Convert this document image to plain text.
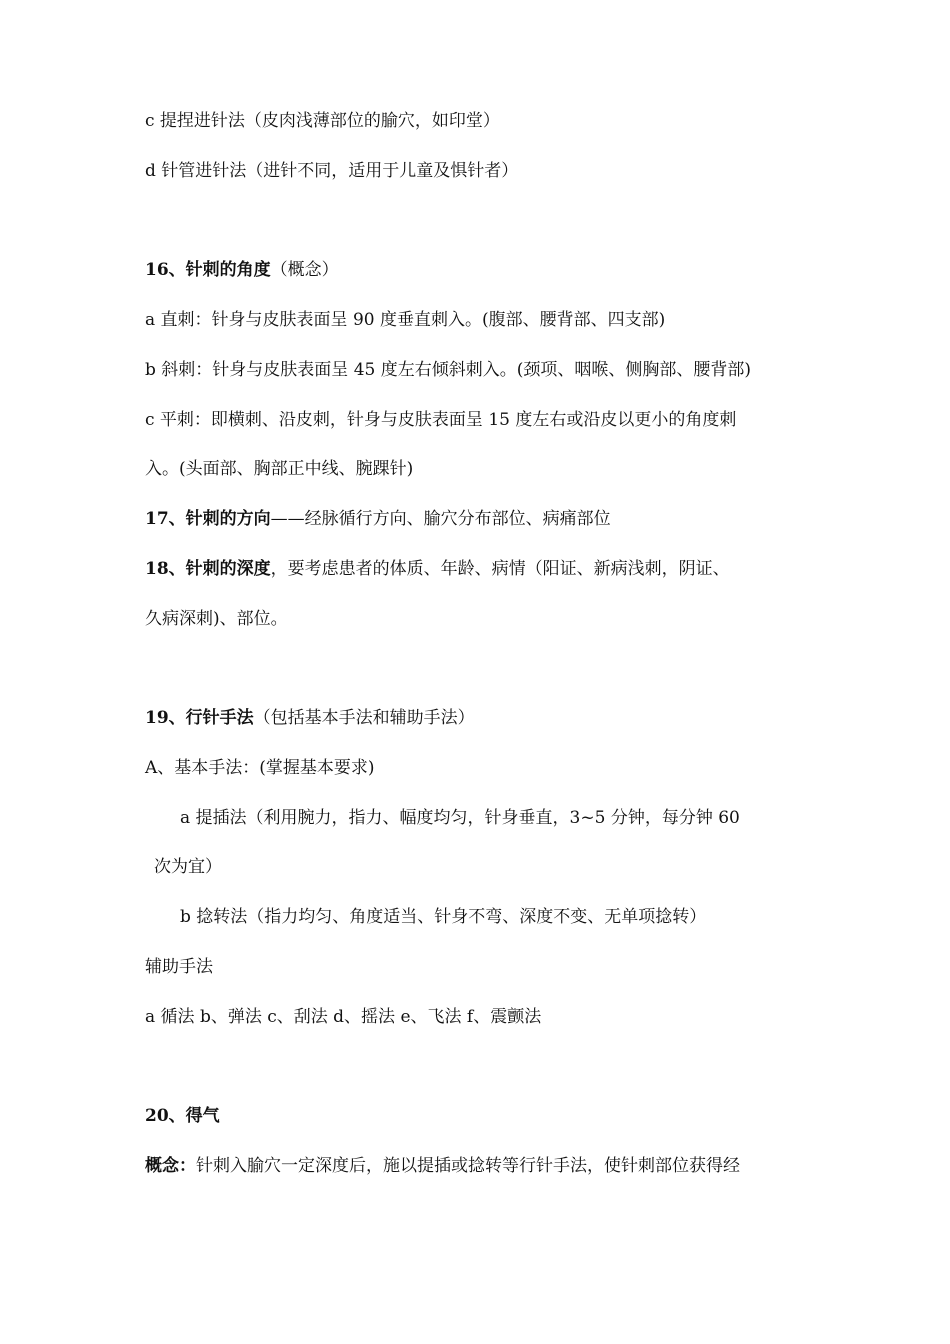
c 提捏进针法（皮肉浅薄部位的腧穴，如印堂）
d 针管进针法（进针不同，适用于儿童及惧针者）
16、针刺的角度（概念）
a 直刺：针身与皮肤表面呈 90 度垂直刺入。(腹部、腰背部、四支部)
b 斜刺：针身与皮肤表面呈 45 度左右倾斜刺入。(颈项、咽喉、侧胸部、腰背部)
c 平刺：即横刺、沿皮刺，针身与皮肤表面呈 15 度左右或沿皮以更小的角度刺
入。(头面部、胸部正中线、腕踝针)
17、针刺的方向——经脉循行方向、腧穴分布部位、病痛部位
18、针刺的深度，要考虑患者的体质、年龄、病情（阳证、新病浅刺，阴证、
久病深刺)、部位。
19、行针手法（包括基本手法和辅助手法）
A、基本手法：(掌握基本要求)
a 提插法（利用腕力，指力、幅度均匀，针身垂直，3~5 分钟，每分钟 60
次为宜）
b 捻转法（指力均匀、角度适当、针身不弯、深度不变、无单项捻转）
辅助手法
a 循法 b、弹法 c、刮法 d、摇法 e、飞法 f、震颤法
20、得气
概念：针刺入腧穴一定深度后，施以提插或捻转等行针手法，使针刺部位获得经
